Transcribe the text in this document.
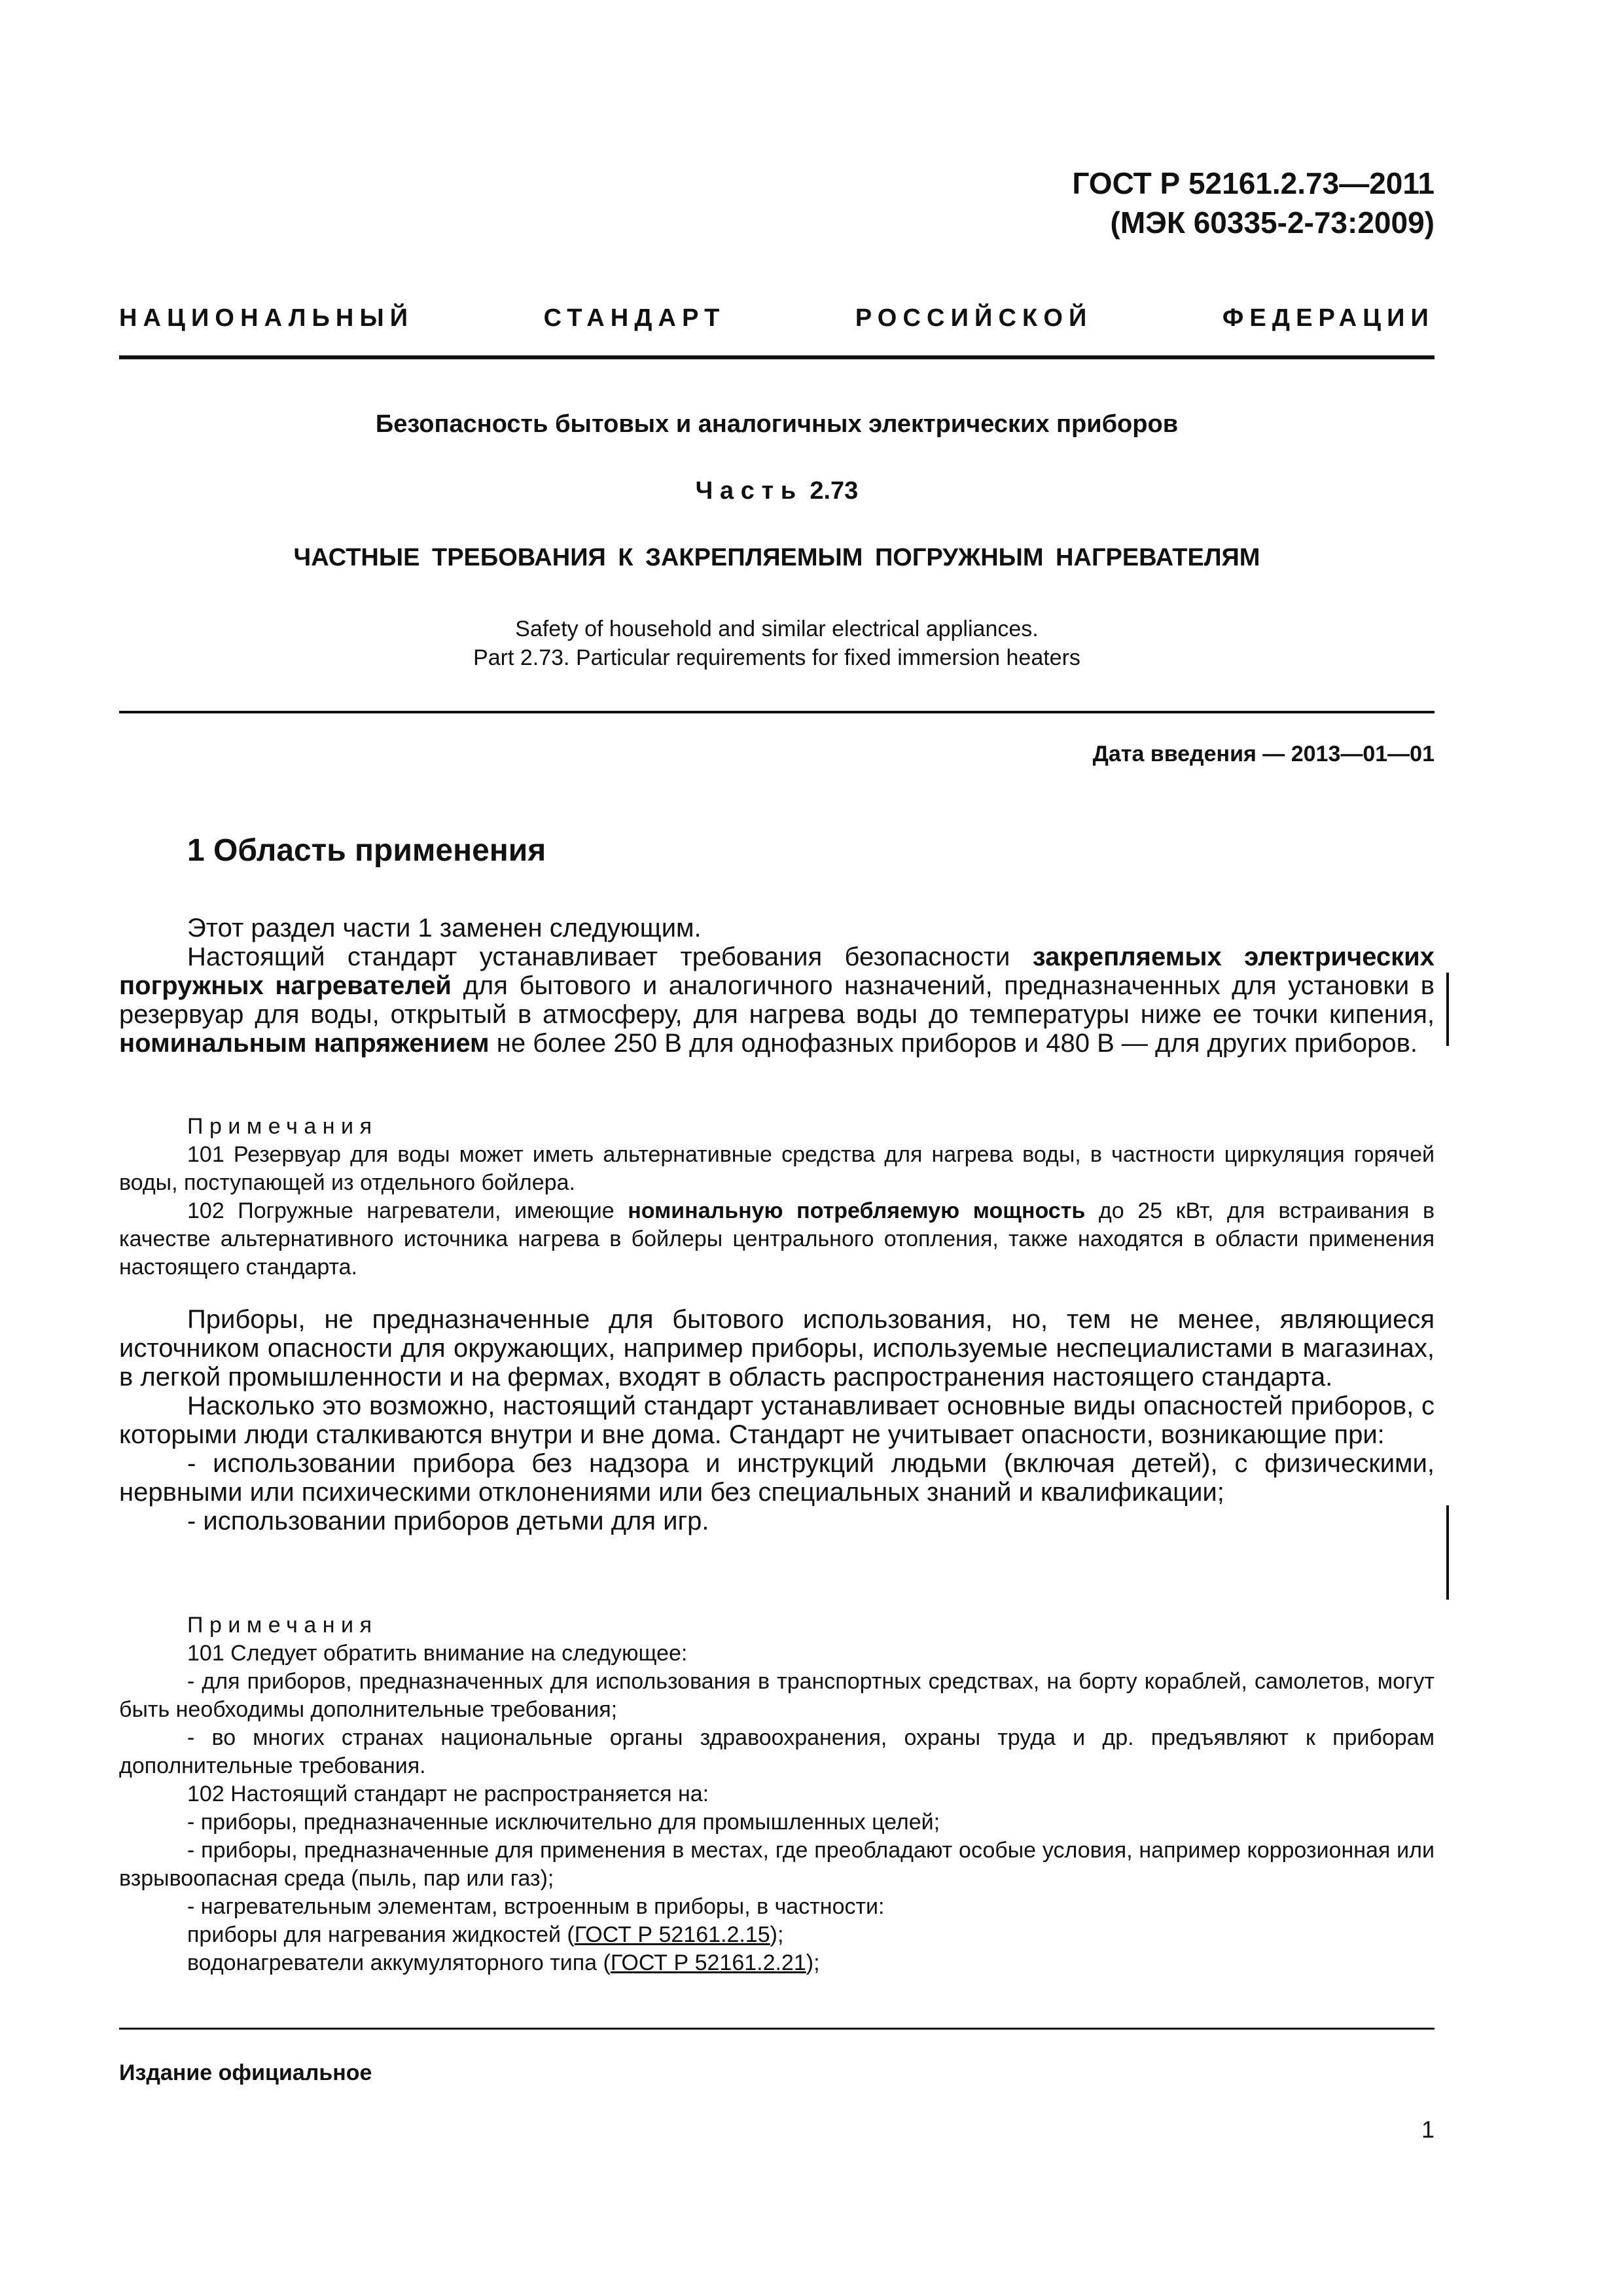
ГОСТ Р 52161.2.73—2011
(МЭК 60335-2-73:2009)
НАЦИОНАЛЬНЫЙ СТАНДАРТ РОССИЙСКОЙ ФЕДЕРАЦИИ
Безопасность бытовых и аналогичных электрических приборов
Часть 2.73
ЧАСТНЫЕ ТРЕБОВАНИЯ К ЗАКРЕПЛЯЕМЫМ ПОГРУЖНЫМ НАГРЕВАТЕЛЯМ
Safety of household and similar electrical appliances.
Part 2.73. Particular requirements for fixed immersion heaters
Дата введения — 2013—01—01
1 Область применения

Этот раздел части 1 заменен следующим.

Настоящий стандарт устанавливает требования безопасности закрепляемых электрических погружных нагревателей для бытового и аналогичного назначений, предназначенных для установки в резервуар для воды, открытый в атмосферу, для нагрева воды до температуры ниже ее точки кипения, номинальным напряжением не более 250 В для однофазных приборов и 480 В — для других приборов.

Примечания

101 Резервуар для воды может иметь альтернативные средства для нагрева воды, в частности циркуляция горячей воды, поступающей из отдельного бойлера.

102 Погружные нагреватели, имеющие номинальную потребляемую мощность до 25 кВт, для встраивания в качестве альтернативного источника нагрева в бойлеры центрального отопления, также находятся в области применения настоящего стандарта.

Приборы, не предназначенные для бытового использования, но, тем не менее, являющиеся источником опасности для окружающих, например приборы, используемые неспециалистами в магазинах, в легкой промышленности и на фермах, входят в область распространения настоящего стандарта.

Насколько это возможно, настоящий стандарт устанавливает основные виды опасностей приборов, с которыми люди сталкиваются внутри и вне дома. Стандарт не учитывает опасности, возникающие при:

- использовании прибора без надзора и инструкций людьми (включая детей), с физическими, нервными или психическими отклонениями или без специальных знаний и квалификации;

- использовании приборов детьми для игр.

Примечания

101 Следует обратить внимание на следующее:

- для приборов, предназначенных для использования в транспортных средствах, на борту кораблей, самолетов, могут быть необходимы дополнительные требования;

- во многих странах национальные органы здравоохранения, охраны труда и др. предъявляют к приборам дополнительные требования.

102 Настоящий стандарт не распространяется на:

- приборы, предназначенные исключительно для промышленных целей;

- приборы, предназначенные для применения в местах, где преобладают особые условия, например коррозионная или взрывоопасная среда (пыль, пар или газ);

- нагревательным элементам, встроенным в приборы, в частности:

приборы для нагревания жидкостей (ГОСТ Р 52161.2.15);

водонагреватели аккумуляторного типа (ГОСТ Р 52161.2.21);

Издание официальное
1
